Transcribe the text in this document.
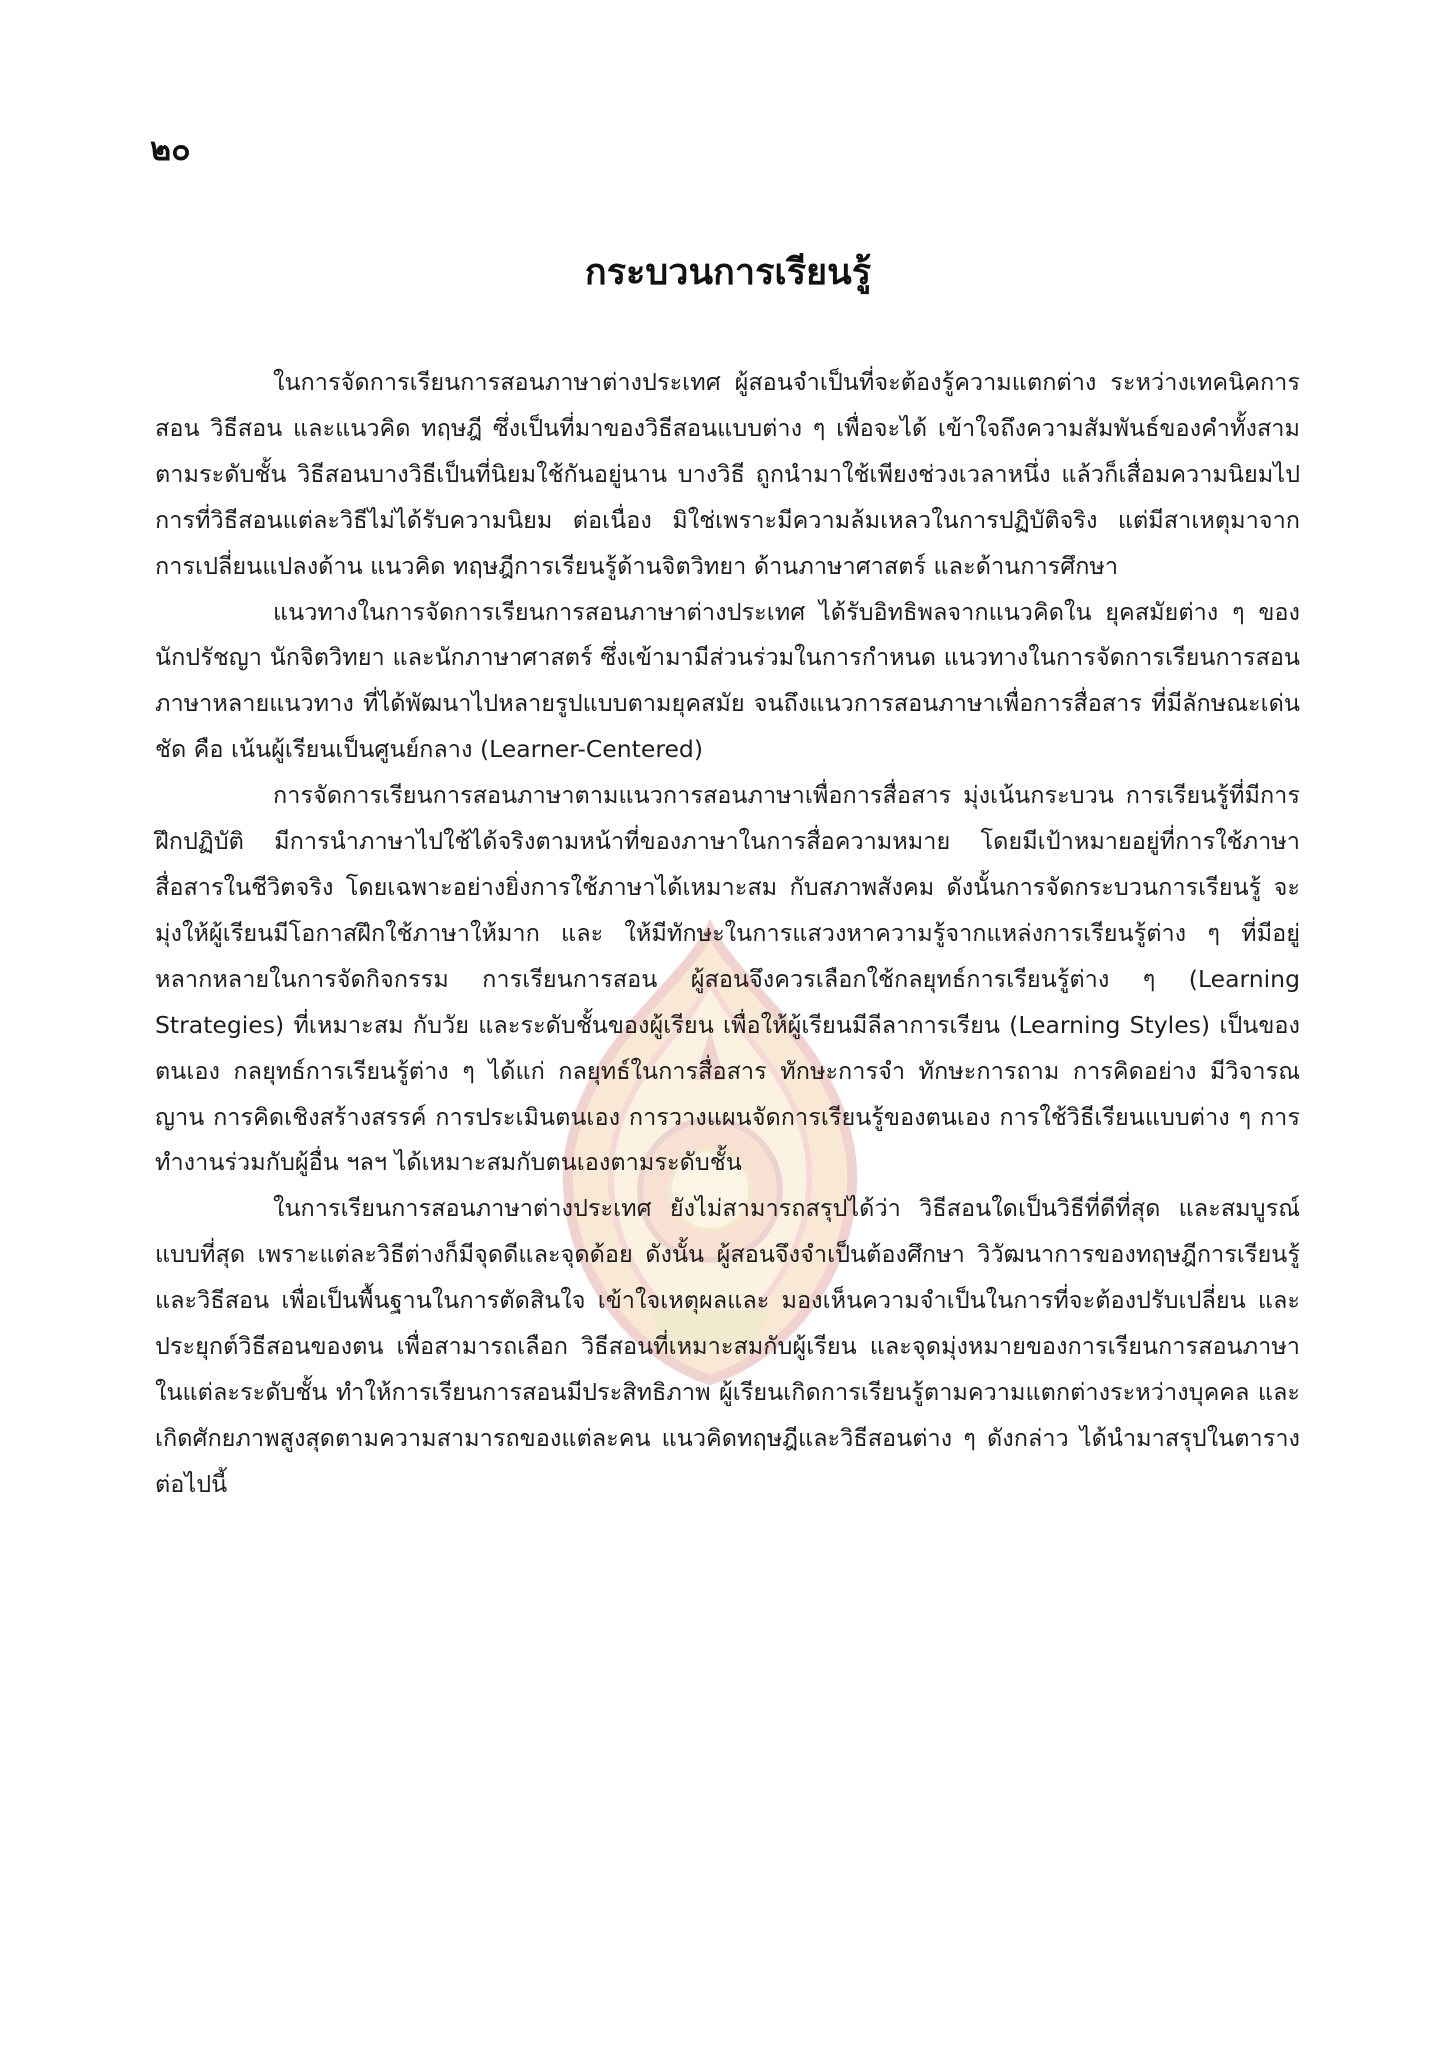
๒๐
กระบวนการเรียนรู้

ในการจัดการเรียนการสอนภาษาต่างประเทศ ผู้สอนจำเป็นที่จะต้องรู้ความแตกต่าง ระหว่างเทคนิคการสอน วิธีสอน และแนวคิด ทฤษฎี ซึ่งเป็นที่มาของวิธีสอนแบบต่าง ๆ เพื่อจะได้ เข้าใจถึงความสัมพันธ์ของคำทั้งสามตามระดับชั้น วิธีสอนบางวิธีเป็นที่นิยมใช้กันอยู่นาน บางวิธี ถูกนำมาใช้เพียงช่วงเวลาหนึ่ง แล้วก็เสื่อมความนิยมไป การที่วิธีสอนแต่ละวิธีไม่ได้รับความนิยม ต่อเนื่อง มิใช่เพราะมีความล้มเหลวในการปฏิบัติจริง แต่มีสาเหตุมาจากการเปลี่ยนแปลงด้าน แนวคิด ทฤษฎีการเรียนรู้ด้านจิตวิทยา ด้านภาษาศาสตร์ และด้านการศึกษา

แนวทางในการจัดการเรียนการสอนภาษาต่างประเทศ ได้รับอิทธิพลจากแนวคิดใน ยุคสมัยต่าง ๆ ของนักปรัชญา นักจิตวิทยา และนักภาษาศาสตร์ ซึ่งเข้ามามีส่วนร่วมในการกำหนด แนวทางในการจัดการเรียนการสอนภาษาหลายแนวทาง ที่ได้พัฒนาไปหลายรูปแบบตามยุคสมัย จนถึงแนวการสอนภาษาเพื่อการสื่อสาร ที่มีลักษณะเด่นชัด คือ เน้นผู้เรียนเป็นศูนย์กลาง (Learner-Centered)

การจัดการเรียนการสอนภาษาตามแนวการสอนภาษาเพื่อการสื่อสาร มุ่งเน้นกระบวน การเรียนรู้ที่มีการฝึกปฏิบัติ มีการนำภาษาไปใช้ได้จริงตามหน้าที่ของภาษาในการสื่อความหมาย โดยมีเป้าหมายอยู่ที่การใช้ภาษาสื่อสารในชีวิตจริง โดยเฉพาะอย่างยิ่งการใช้ภาษาได้เหมาะสม กับสภาพสังคม ดังนั้นการจัดกระบวนการเรียนรู้ จะมุ่งให้ผู้เรียนมีโอกาสฝึกใช้ภาษาให้มาก และ ให้มีทักษะในการแสวงหาความรู้จากแหล่งการเรียนรู้ต่าง ๆ ที่มีอยู่หลากหลายในการจัดกิจกรรม การเรียนการสอน ผู้สอนจึงควรเลือกใช้กลยุทธ์การเรียนรู้ต่าง ๆ (Learning Strategies) ที่เหมาะสม กับวัย และระดับชั้นของผู้เรียน เพื่อให้ผู้เรียนมีลีลาการเรียน (Learning Styles) เป็นของตนเอง กลยุทธ์การเรียนรู้ต่าง ๆ ได้แก่ กลยุทธ์ในการสื่อสาร ทักษะการจำ ทักษะการถาม การคิดอย่าง มีวิจารณญาน การคิดเชิงสร้างสรรค์ การประเมินตนเอง การวางแผนจัดการเรียนรู้ของตนเอง การใช้วิธีเรียนแบบต่าง ๆ การทำงานร่วมกับผู้อื่น ฯลฯ ได้เหมาะสมกับตนเองตามระดับชั้น

ในการเรียนการสอนภาษาต่างประเทศ ยังไม่สามารถสรุปได้ว่า วิธีสอนใดเป็นวิธีที่ดีที่สุด และสมบูรณ์แบบที่สุด เพราะแต่ละวิธีต่างก็มีจุดดีและจุดด้อย ดังนั้น ผู้สอนจึงจำเป็นต้องศึกษา วิวัฒนาการของทฤษฎีการเรียนรู้ และวิธีสอน เพื่อเป็นพื้นฐานในการตัดสินใจ เข้าใจเหตุผลและ มองเห็นความจำเป็นในการที่จะต้องปรับเปลี่ยน และประยุกต์วิธีสอนของตน เพื่อสามารถเลือก วิธีสอนที่เหมาะสมกับผู้เรียน และจุดมุ่งหมายของการเรียนการสอนภาษาในแต่ละระดับชั้น ทำให้การเรียนการสอนมีประสิทธิภาพ ผู้เรียนเกิดการเรียนรู้ตามความแตกต่างระหว่างบุคคล และเกิดศักยภาพสูงสุดตามความสามารถของแต่ละคน แนวคิดทฤษฎีและวิธีสอนต่าง ๆ ดังกล่าว ได้นำมาสรุปในตารางต่อไปนี้
